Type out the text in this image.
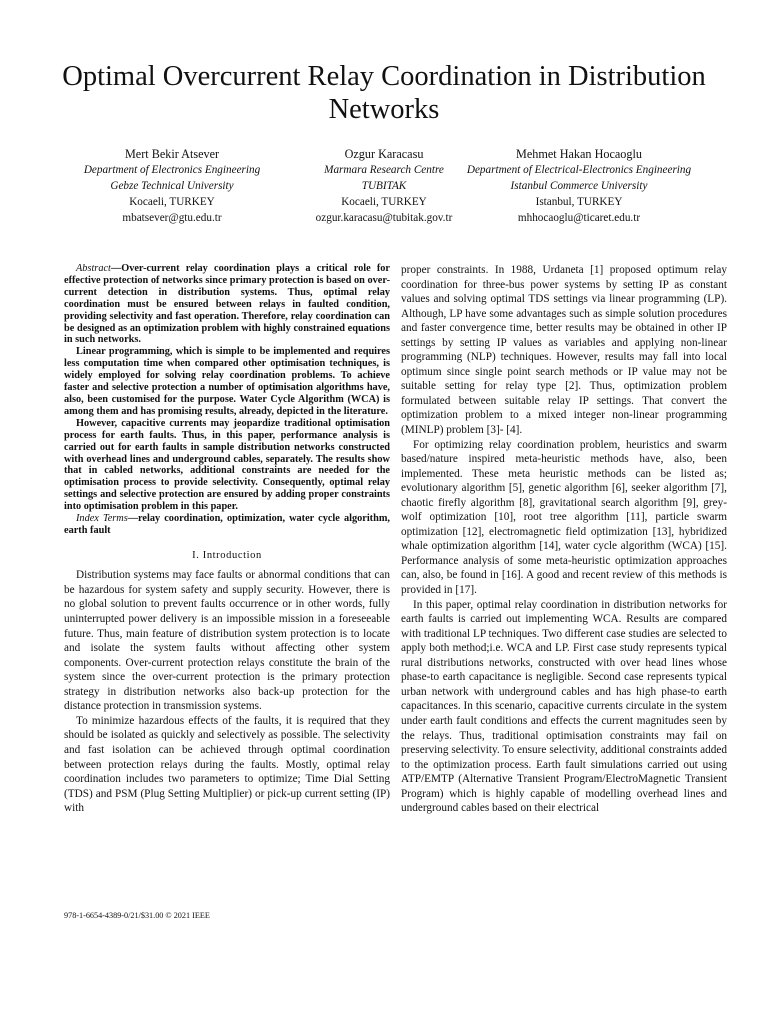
Optimal Overcurrent Relay Coordination in Distribution Networks
Mert Bekir Atsever
Department of Electronics Engineering
Gebze Technical University
Kocaeli, TURKEY
mbatsever@gtu.edu.tr
Ozgur Karacasu
Marmara Research Centre
TUBITAK
Kocaeli, TURKEY
ozgur.karacasu@tubitak.gov.tr
Mehmet Hakan Hocaoglu
Department of Electrical-Electronics Engineering
Istanbul Commerce University
Istanbul, TURKEY
mhhocaoglu@ticaret.edu.tr

Abstract—Over-current relay coordination plays a critical role for effective protection of networks since primary protection is based on over-current detection in distribution systems. Thus, optimal relay coordination must be ensured between relays in faulted condition, providing selectivity and fast operation. Therefore, relay coordination can be designed as an optimization problem with highly constrained equations in such networks.

Linear programming, which is simple to be implemented and requires less computation time when compared other optimisation techniques, is widely employed for solving relay coordination problems. To achieve faster and selective protection a number of optimisation algorithms have, also, been customised for the purpose. Water Cycle Algorithm (WCA) is among them and has promising results, already, depicted in the literature.

However, capacitive currents may jeopardize traditional optimisation process for earth faults. Thus, in this paper, performance analysis is carried out for earth faults in sample distribution networks constructed with overhead lines and underground cables, separately. The results show that in cabled networks, additional constraints are needed for the optimisation process to provide selectivity. Consequently, optimal relay settings and selective protection are ensured by adding proper constraints into optimisation problem in this paper.

Index Terms—relay coordination, optimization, water cycle algorithm, earth fault

I. Introduction

Distribution systems may face faults or abnormal conditions that can be hazardous for system safety and supply security. However, there is no global solution to prevent faults occurrence or in other words, fully uninterrupted power delivery is an impossible mission in a foreseeable future. Thus, main feature of distribution system protection is to locate and isolate the system faults without affecting other system components. Over-current protection relays constitute the brain of the system since the over-current protection is the primary protection strategy in distribution networks also back-up protection for the distance protection in transmission systems.

To minimize hazardous effects of the faults, it is required that they should be isolated as quickly and selectively as possible. The selectivity and fast isolation can be achieved through optimal coordination between protection relays during the faults. Mostly, optimal relay coordination includes two parameters to optimize; Time Dial Setting (TDS) and PSM (Plug Setting Multiplier) or pick-up current setting (IP) with

proper constraints. In 1988, Urdaneta [1] proposed optimum relay coordination for three-bus power systems by setting IP as constant values and solving optimal TDS settings via linear programming (LP). Although, LP have some advantages such as simple solution procedures and faster convergence time, better results may be obtained in other IP settings by setting IP values as variables and applying non-linear programming (NLP) techniques. However, results may fall into local optimum since single point search methods or IP value may not be suitable setting for relay type [2]. Thus, optimization problem formulated between suitable relay IP settings. That convert the optimization problem to a mixed integer non-linear programming (MINLP) problem [3]- [4].

For optimizing relay coordination problem, heuristics and swarm based/nature inspired meta-heuristic methods have, also, been implemented. These meta heuristic methods can be listed as; evolutionary algorithm [5], genetic algorithm [6], seeker algorithm [7], chaotic firefly algorithm [8], gravitational search algorithm [9], grey-wolf optimization [10], root tree algorithm [11], particle swarm optimization [12], electromagnetic field optimization [13], hybridized whale optimization algorithm [14], water cycle algorithm (WCA) [15]. Performance analysis of some meta-heuristic optimization approaches can, also, be found in [16]. A good and recent review of this methods is provided in [17].

In this paper, optimal relay coordination in distribution networks for earth faults is carried out implementing WCA. Results are compared with traditional LP techniques. Two different case studies are selected to apply both method;i.e. WCA and LP. First case study represents typical rural distributions networks, constructed with over head lines whose phase-to earth capacitance is negligible. Second case represents typical urban network with underground cables and has high phase-to earth capacitances. In this scenario, capacitive currents circulate in the system under earth fault conditions and effects the current magnitudes seen by the relays. Thus, traditional optimisation constraints may fail on preserving selectivity. To ensure selectivity, additional constraints added to the optimization process. Earth fault simulations carried out using ATP/EMTP (Alternative Transient Program/ElectroMagnetic Transient Program) which is highly capable of modelling overhead lines and underground cables based on their electrical

978-1-6654-4389-0/21/$31.00 © 2021 IEEE
